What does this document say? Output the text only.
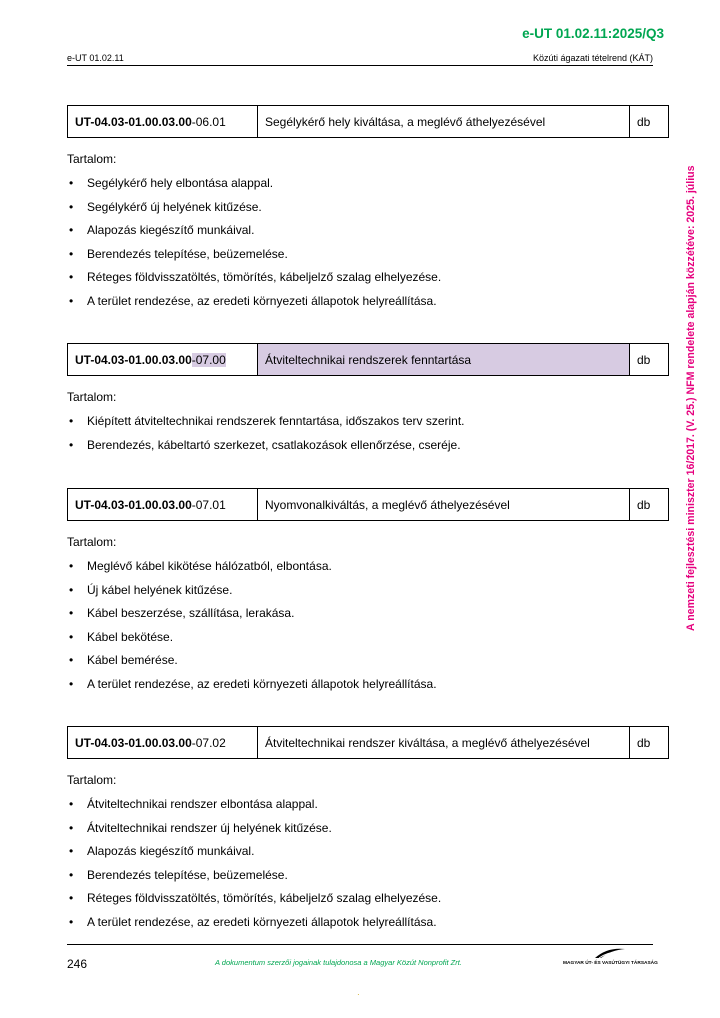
e-UT 01.02.11:2025/Q3
e-UT 01.02.11	Közúti ágazati tételrend (KÁT)
A nemzeti fejlesztési miniszter 16/2017. (V. 25.) NFM rendelete alapján közzétéve: 2025. július
UT-04.03-01.00.03.00-06.01	Segélykérő hely kiváltása, a meglévő áthelyezésével	db
Tartalom:
• Segélykérő hely elbontása alappal.
• Segélykérő új helyének kitűzése.
• Alapozás kiegészítő munkáival.
• Berendezés telepítése, beüzemelése.
• Réteges földvisszatöltés, tömörítés, kábeljelző szalag elhelyezése.
• A terület rendezése, az eredeti környezeti állapotok helyreállítása.
UT-04.03-01.00.03.00-07.00	Átviteltechnikai rendszerek fenntartása	db
Tartalom:
• Kiépített átviteltechnikai rendszerek fenntartása, időszakos terv szerint.
• Berendezés, kábeltartó szerkezet, csatlakozások ellenőrzése, cseréje.
UT-04.03-01.00.03.00-07.01	Nyomvonalkiváltás, a meglévő áthelyezésével	db
Tartalom:
• Meglévő kábel kikötése hálózatból, elbontása.
• Új kábel helyének kitűzése.
• Kábel beszerzése, szállítása, lerakása.
• Kábel bekötése.
• Kábel bemérése.
• A terület rendezése, az eredeti környezeti állapotok helyreállítása.
UT-04.03-01.00.03.00-07.02	Átviteltechnikai rendszer kiváltása, a meglévő áthelyezésével	db
Tartalom:
• Átviteltechnikai rendszer elbontása alappal.
• Átviteltechnikai rendszer új helyének kitűzése.
• Alapozás kiegészítő munkáival.
• Berendezés telepítése, beüzemelése.
• Réteges földvisszatöltés, tömörítés, kábeljelző szalag elhelyezése.
• A terület rendezése, az eredeti környezeti állapotok helyreállítása.
246	A dokumentum szerzői jogainak tulajdonosa a Magyar Közút Nonprofit Zrt.	MAGYAR ÚT- ÉS VASÚTÜGYI TÁRSASÁG
·
